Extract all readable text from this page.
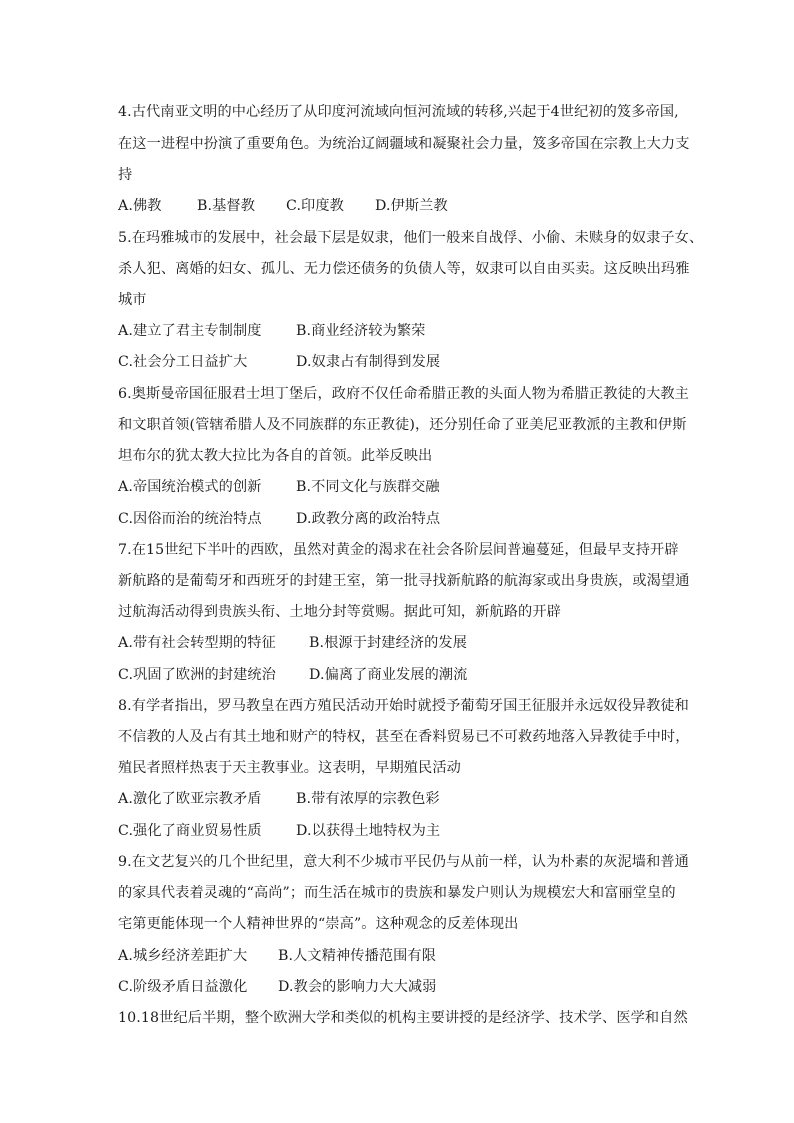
4.古代南亚文明的中心经历了从印度河流域向恒河流域的转移,兴起于4世纪初的笈多帝国,
在这一进程中扮演了重要角色。为统治辽阔疆域和凝聚社会力量，笈多帝国在宗教上大力支
持
A.佛教 B.基督教 C.印度教 D.伊斯兰教
5.在玛雅城市的发展中，社会最下层是奴隶，他们一般来自战俘、小偷、未赎身的奴隶子女、
杀人犯、离婚的妇女、孤儿、无力偿还债务的负债人等，奴隶可以自由买卖。这反映出玛雅
城市
A.建立了君主专制制度 B.商业经济较为繁荣
C.社会分工日益扩大	D.奴隶占有制得到发展
6.奥斯曼帝国征服君士坦丁堡后，政府不仅任命希腊正教的头面人物为希腊正教徒的大教主
和文职首领(管辖希腊人及不同族群的东正教徒)，还分别任命了亚美尼亚教派的主教和伊斯
坦布尔的犹太教大拉比为各自的首领。此举反映出
A.帝国统治模式的创新 B.不同文化与族群交融
C.因俗而治的统治特点 D.政教分离的政治特点
7.在15世纪下半叶的西欧，虽然对黄金的渴求在社会各阶层间普遍蔓延，但最早支持开辟
新航路的是葡萄牙和西班牙的封建王室，第一批寻找新航路的航海家或出身贵族，或渴望通
过航海活动得到贵族头衔、土地分封等赏赐。据此可知，新航路的开辟
A.带有社会转型期的特征 B.根源于封建经济的发展
C.巩固了欧洲的封建统治 D.偏离了商业发展的潮流
8.有学者指出，罗马教皇在西方殖民活动开始时就授予葡萄牙国王征服并永远奴役异教徒和
不信教的人及占有其土地和财产的特权，甚至在香料贸易已不可救药地落入异教徒手中时，
殖民者照样热衷于天主教事业。这表明，早期殖民活动
A.激化了欧亚宗教矛盾 B.带有浓厚的宗教色彩
C.强化了商业贸易性质 D.以获得土地特权为主
9.在文艺复兴的几个世纪里，意大利不少城市平民仍与从前一样，认为朴素的灰泥墙和普通
的家具代表着灵魂的“高尚”；而生活在城市的贵族和暴发户则认为规模宏大和富丽堂皇的
宅第更能体现一个人精神世界的“崇高”。这种观念的反差体现出
A.城乡经济差距扩大 B.人文精神传播范围有限
C.阶级矛盾日益激化 D.教会的影响力大大减弱
10.18世纪后半期，整个欧洲大学和类似的机构主要讲授的是经济学、技术学、医学和自然
